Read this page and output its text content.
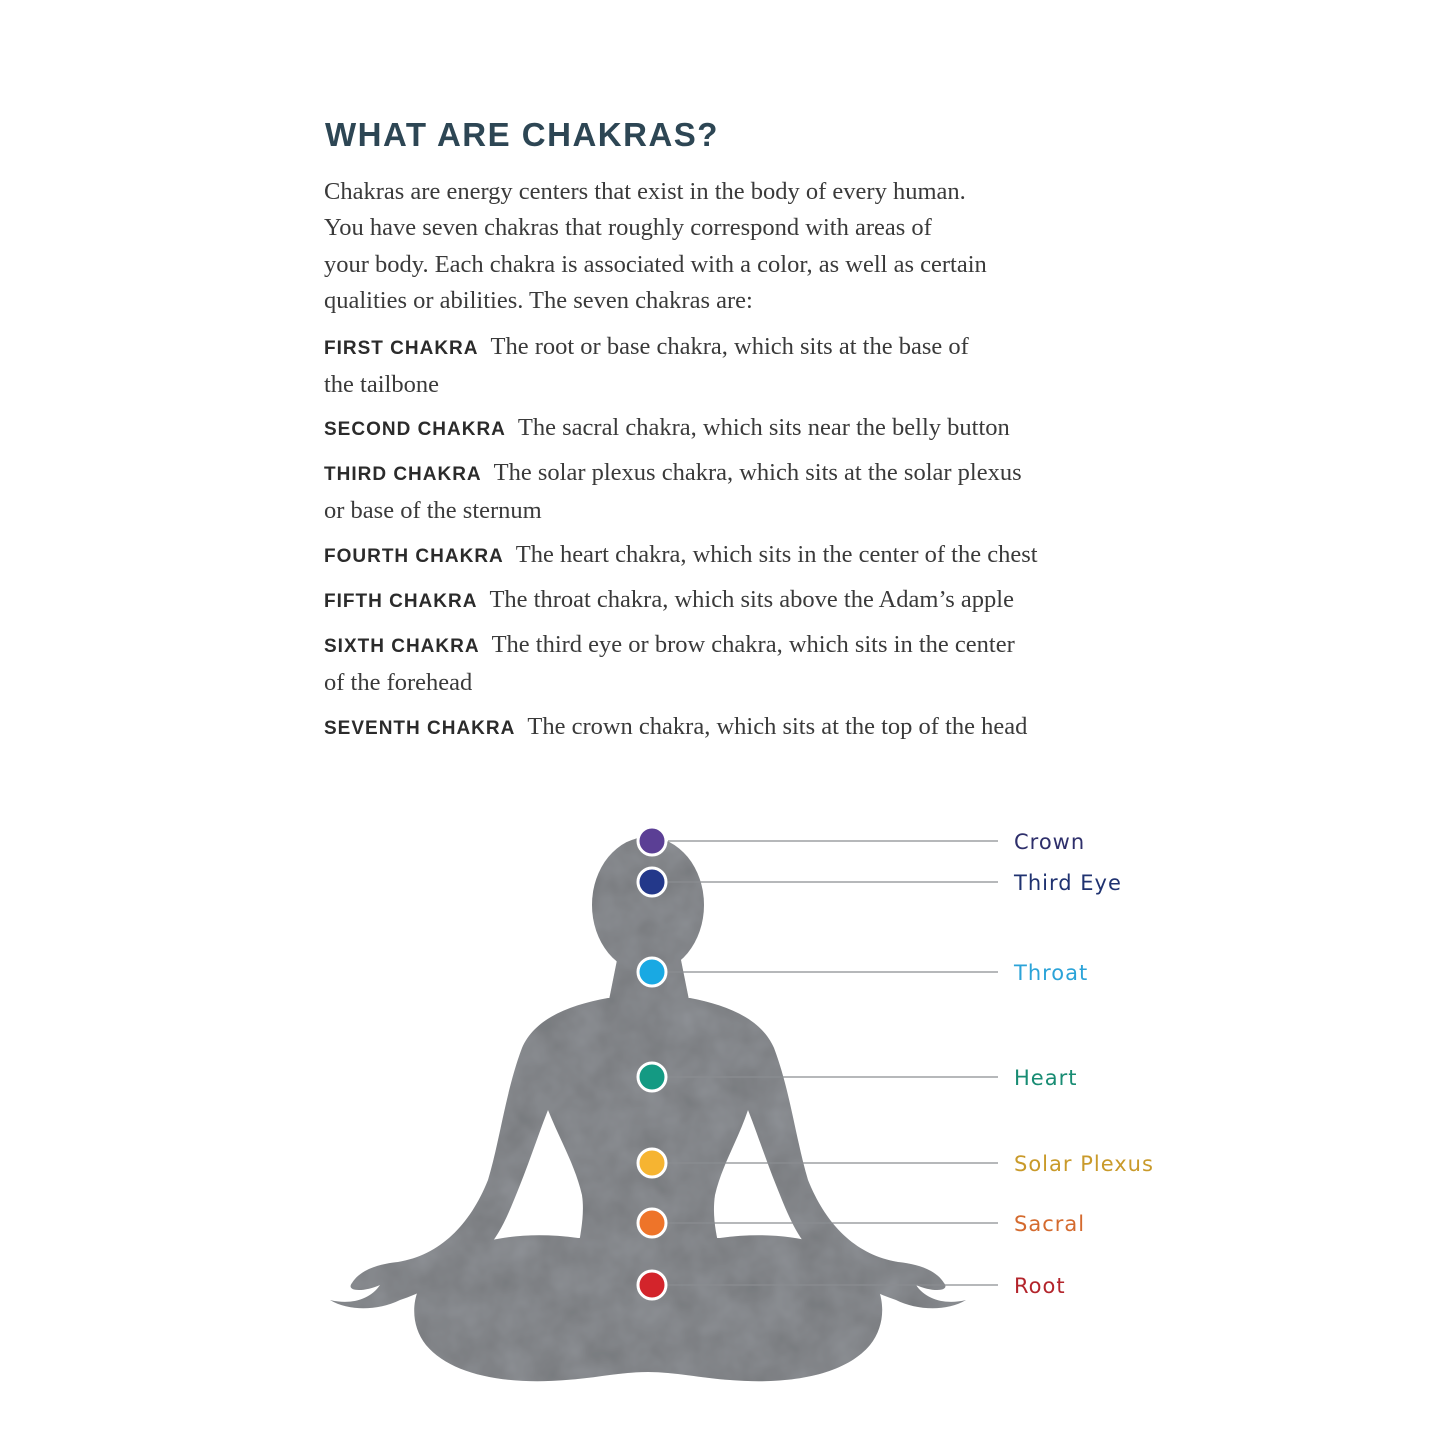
WHAT ARE CHAKRAS?

Chakras are energy centers that exist in the body of every human.
You have seven chakras that roughly correspond with areas of
your body. Each chakra is associated with a color, as well as certain
qualities or abilities. The seven chakras are:

FIRST CHAKRA The root or base chakra, which sits at the base of
the tailbone

SECOND CHAKRA The sacral chakra, which sits near the belly button

THIRD CHAKRA The solar plexus chakra, which sits at the solar plexus
or base of the sternum

FOURTH CHAKRA The heart chakra, which sits in the center of the chest

FIFTH CHAKRA The throat chakra, which sits above the Adam’s apple

SIXTH CHAKRA The third eye or brow chakra, which sits in the center
of the forehead

SEVENTH CHAKRA The crown chakra, which sits at the top of the head

Crown
Third Eye
Throat
Heart
Solar Plexus
Sacral
Root
